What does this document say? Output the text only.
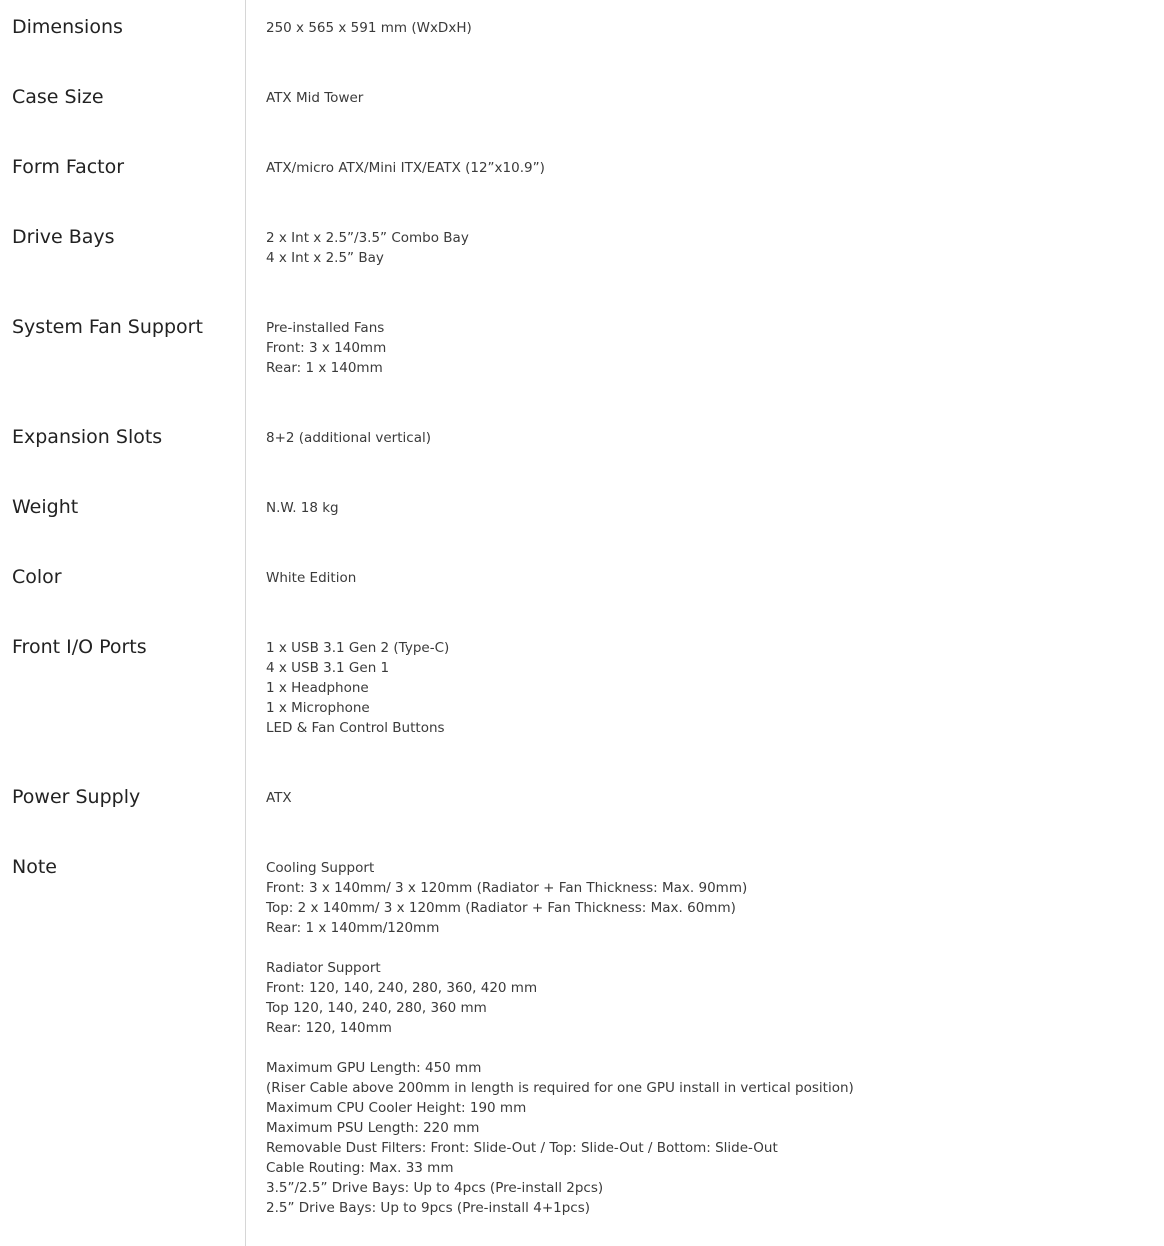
Dimensions	250 x 565 x 591 mm (WxDxH)
Case Size	ATX Mid Tower
Form Factor	ATX/micro ATX/Mini ITX/EATX (12”x10.9”)
Drive Bays	2 x Int x 2.5”/3.5” Combo Bay
4 x Int x 2.5” Bay
System Fan Support	Pre-installed Fans
Front: 3 x 140mm
Rear: 1 x 140mm
Expansion Slots	8+2 (additional vertical)
Weight	N.W. 18 kg
Color	White Edition
Front I/O Ports	1 x USB 3.1 Gen 2 (Type-C)
4 x USB 3.1 Gen 1
1 x Headphone
1 x Microphone
LED & Fan Control Buttons
Power Supply	ATX
Note	Cooling Support
Front: 3 x 140mm/ 3 x 120mm (Radiator + Fan Thickness: Max. 90mm)
Top: 2 x 140mm/ 3 x 120mm (Radiator + Fan Thickness: Max. 60mm)
Rear: 1 x 140mm/120mm
Radiator Support
Front: 120, 140, 240, 280, 360, 420 mm
Top 120, 140, 240, 280, 360 mm
Rear: 120, 140mm
Maximum GPU Length: 450 mm
(Riser Cable above 200mm in length is required for one GPU install in vertical position)
Maximum CPU Cooler Height: 190 mm
Maximum PSU Length: 220 mm
Removable Dust Filters: Front: Slide-Out / Top: Slide-Out / Bottom: Slide-Out
Cable Routing: Max. 33 mm
3.5”/2.5” Drive Bays: Up to 4pcs (Pre-install 2pcs)
2.5” Drive Bays: Up to 9pcs (Pre-install 4+1pcs)
